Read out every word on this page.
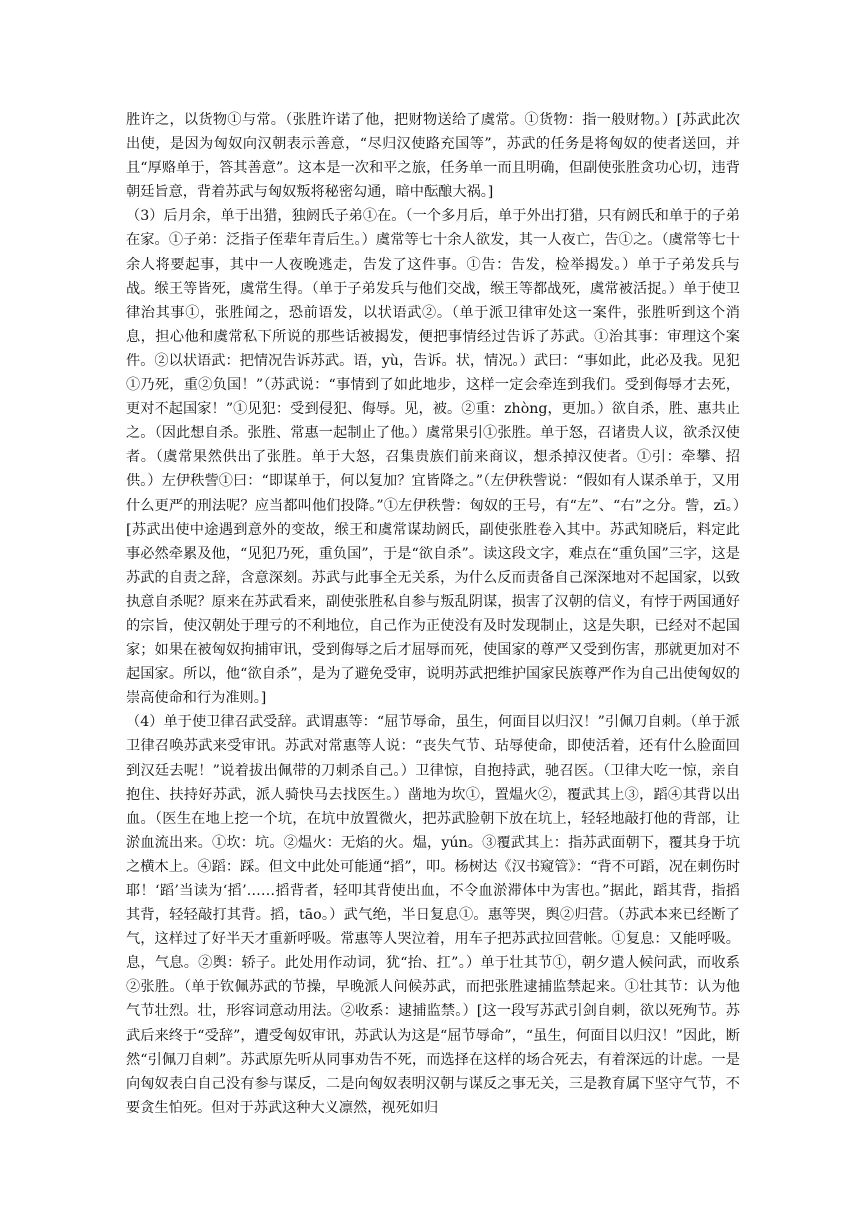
胜许之，以货物①与常。（张胜许诺了他，把财物送给了虞常。①货物：指一般财物。）[苏武此次出使，是因为匈奴向汉朝表示善意，“尽归汉使路充国等”，苏武的任务是将匈奴的使者送回，并且“厚赂单于，答其善意”。这本是一次和平之旅，任务单一而且明确，但副使张胜贪功心切，违背朝廷旨意，背着苏武与匈奴叛将秘密勾通，暗中酝酿大祸。]

（3）后月余，单于出猎，独阏氏子弟①在。（一个多月后，单于外出打猎，只有阏氏和单于的子弟在家。①子弟：泛指子侄辈年青后生。）虞常等七十余人欲发，其一人夜亡，告①之。（虞常等七十余人将要起事，其中一人夜晚逃走，告发了这件事。①告：告发，检举揭发。）单于子弟发兵与战。缑王等皆死，虞常生得。（单于子弟发兵与他们交战，缑王等都战死，虞常被活捉。）单于使卫律治其事①，张胜闻之，恐前语发，以状语武②。（单于派卫律审处这一案件，张胜听到这个消息，担心他和虞常私下所说的那些话被揭发，便把事情经过告诉了苏武。①治其事：审理这个案件。②以状语武：把情况告诉苏武。语，yù，告诉。状，情况。）武曰：“事如此，此必及我。见犯①乃死，重②负国！”（苏武说：“事情到了如此地步，这样一定会牵连到我们。受到侮辱才去死，更对不起国家！”①见犯：受到侵犯、侮辱。见，被。②重：zhòng，更加。）欲自杀，胜、惠共止之。（因此想自杀。张胜、常惠一起制止了他。）虞常果引①张胜。单于怒，召诸贵人议，欲杀汉使者。（虞常果然供出了张胜。单于大怒，召集贵族们前来商议，想杀掉汉使者。①引：牵攀、招供。）左伊秩訾①曰：“即谋单于，何以复加？宜皆降之。”（左伊秩訾说：“假如有人谋杀单于，又用什么更严的刑法呢？应当都叫他们投降。”①左伊秩訾：匈奴的王号，有“左”、“右”之分。訾，zī。）[苏武出使中途遇到意外的变故，缑王和虞常谋劫阏氏，副使张胜卷入其中。苏武知晓后，料定此事必然牵累及他，“见犯乃死，重负国”，于是“欲自杀”。读这段文字，难点在“重负国”三字，这是苏武的自责之辞，含意深刻。苏武与此事全无关系，为什么反而责备自己深深地对不起国家，以致执意自杀呢？原来在苏武看来，副使张胜私自参与叛乱阴谋，损害了汉朝的信义，有悖于两国通好的宗旨，使汉朝处于理亏的不利地位，自己作为正使没有及时发现制止，这是失职，已经对不起国家；如果在被匈奴拘捕审讯，受到侮辱之后才屈辱而死，使国家的尊严又受到伤害，那就更加对不起国家。所以，他“欲自杀”，是为了避免受审，说明苏武把维护国家民族尊严作为自己出使匈奴的崇高使命和行为准则。]

（4）单于使卫律召武受辞。武谓惠等：“屈节辱命，虽生，何面目以归汉！”引佩刀自刺。（单于派卫律召唤苏武来受审讯。苏武对常惠等人说：“丧失气节、玷辱使命，即使活着，还有什么脸面回到汉廷去呢！”说着拔出佩带的刀刺杀自己。）卫律惊，自抱持武，驰召医。（卫律大吃一惊，亲自抱住、扶持好苏武，派人骑快马去找医生。）凿地为坎①，置煴火②，覆武其上③，蹈④其背以出血。（医生在地上挖一个坑，在坑中放置微火，把苏武脸朝下放在坑上，轻轻地敲打他的背部，让淤血流出来。①坎：坑。②煴火：无焰的火。煴，yún。③覆武其上：指苏武面朝下，覆其身于坑之横木上。④蹈：踩。但文中此处可能通“搯”，叩。杨树达《汉书窥管》：“背不可蹈，况在刺伤时耶！‘蹈’当读为‘搯’……搯背者，轻叩其背使出血，不令血淤滞体中为害也。”据此，蹈其背，指搯其背，轻轻敲打其背。搯，tāo。）武气绝，半日复息①。惠等哭，舆②归营。（苏武本来已经断了气，这样过了好半天才重新呼吸。常惠等人哭泣着，用车子把苏武拉回营帐。①复息：又能呼吸。息，气息。②舆：轿子。此处用作动词，犹“抬、扛”。）单于壮其节①，朝夕遣人候问武，而收系②张胜。（单于钦佩苏武的节操，早晚派人问候苏武，而把张胜逮捕监禁起来。①壮其节：认为他气节壮烈。壮，形容词意动用法。②收系：逮捕监禁。）[这一段写苏武引剑自刺，欲以死殉节。苏武后来终于“受辞”，遭受匈奴审讯，苏武认为这是“屈节辱命”，“虽生，何面目以归汉！”因此，断然“引佩刀自刺”。苏武原先听从同事劝告不死，而选择在这样的场合死去，有着深远的计虑。一是向匈奴表白自己没有参与谋反，二是向匈奴表明汉朝与谋反之事无关，三是教育属下坚守气节，不要贪生怕死。但对于苏武这种大义凛然，视死如归
